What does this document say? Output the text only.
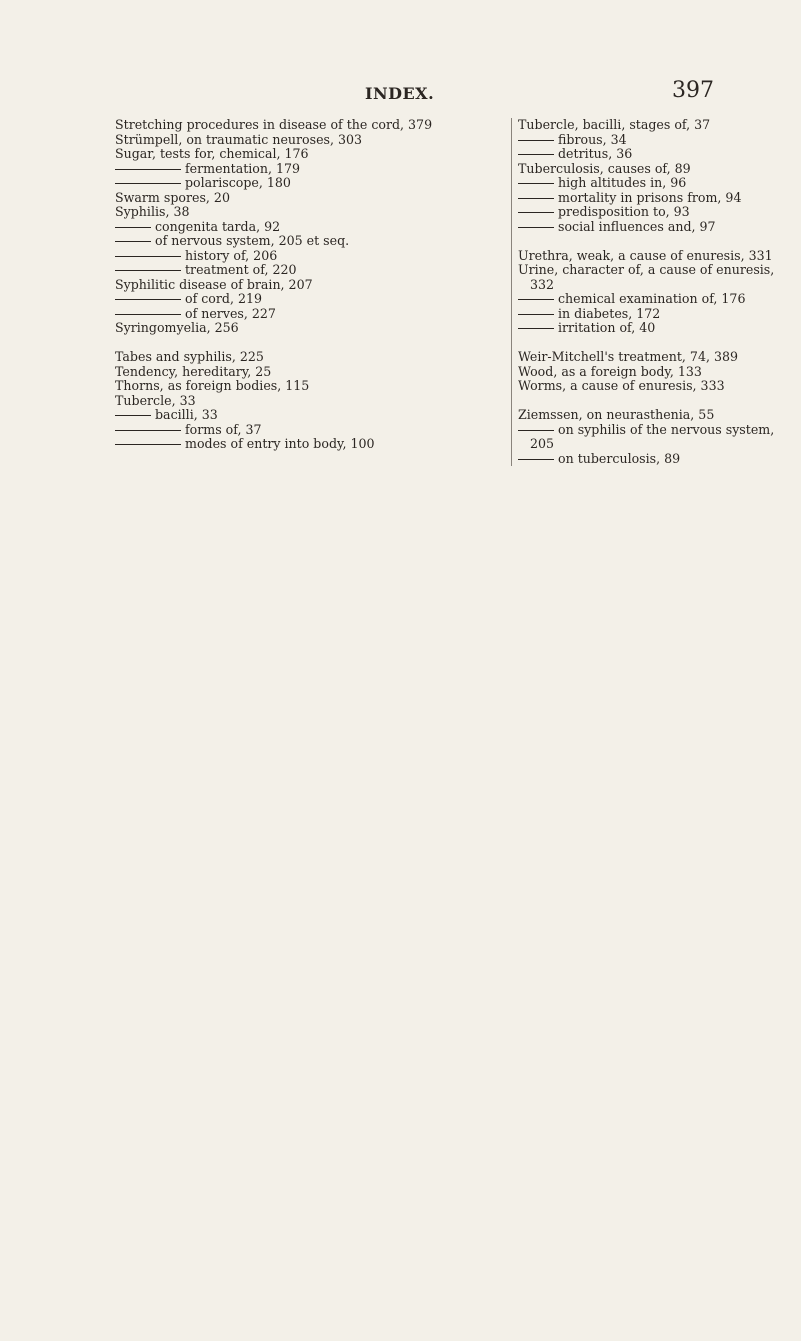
INDEX.	397
Stretching procedures in disease of the cord, 379
Strümpell, on traumatic neuroses, 303
Sugar, tests for, chemical, 176
fermentation, 179
polariscope, 180
Swarm spores, 20
Syphilis, 38
congenita tarda, 92
of nervous system, 205 et seq.
history of, 206
treatment of, 220
Syphilitic disease of brain, 207
of cord, 219
of nerves, 227
Syringomyelia, 256
Tabes and syphilis, 225
Tendency, hereditary, 25
Thorns, as foreign bodies, 115
Tubercle, 33
bacilli, 33
forms of, 37
modes of entry into body, 100
Tubercle, bacilli, stages of, 37
fibrous, 34
detritus, 36
Tuberculosis, causes of, 89
high altitudes in, 96
mortality in prisons from, 94
predisposition to, 93
social influences and, 97
Urethra, weak, a cause of enuresis, 331
Urine, character of, a cause of enuresis, 332
chemical examination of, 176
in diabetes, 172
irritation of, 40
Weir-Mitchell's treatment, 74, 389
Wood, as a foreign body, 133
Worms, a cause of enuresis, 333
Ziemssen, on neurasthenia, 55
on syphilis of the nervous system, 205
on tuberculosis, 89
